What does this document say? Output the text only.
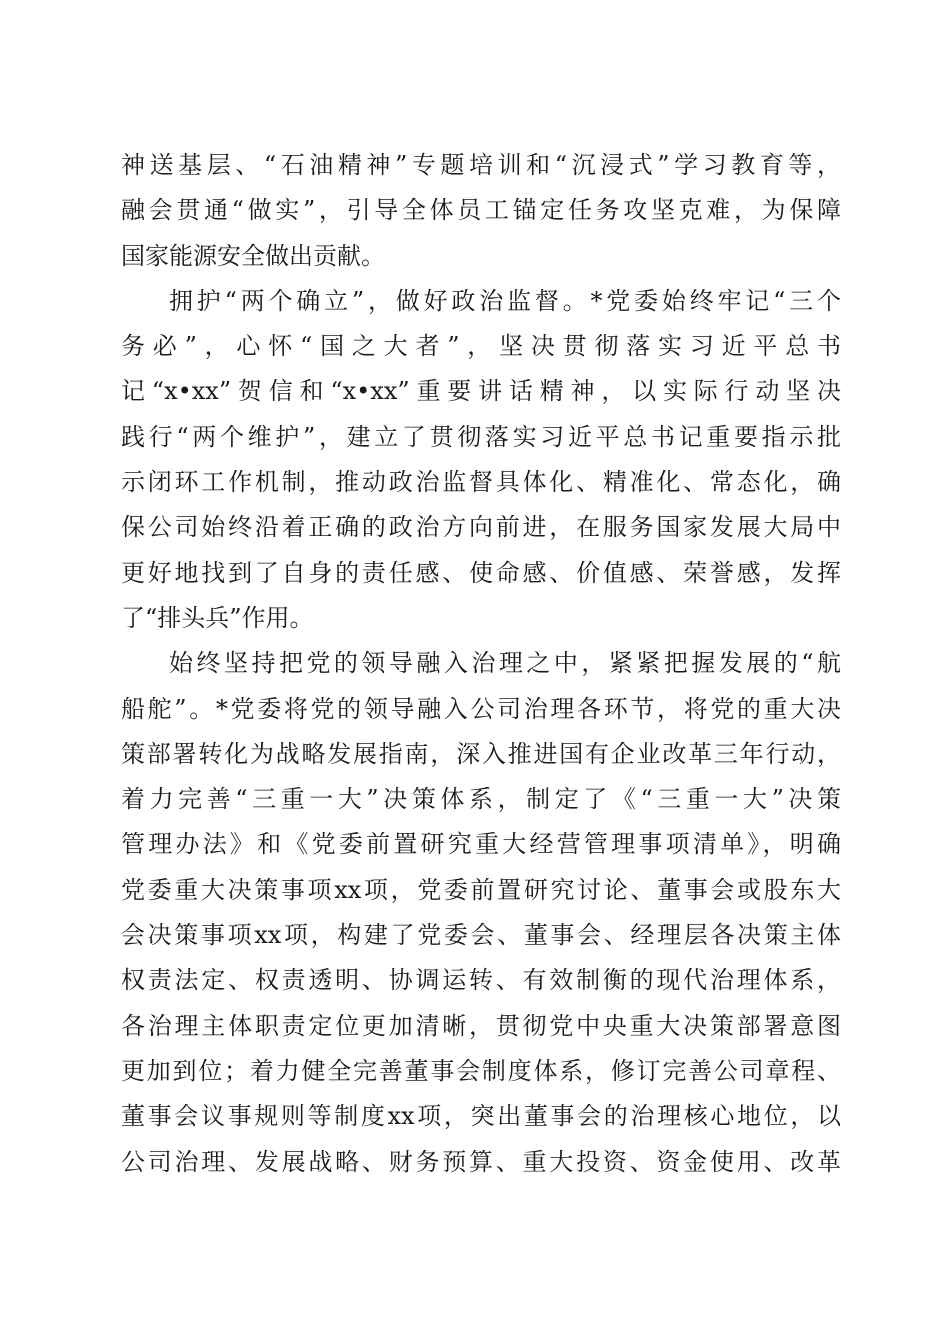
神送基层、“石油精神”专题培训和“沉浸式”学习教育等，
融会贯通“做实”，引导全体员工锚定任务攻坚克难，为保障
国家能源安全做出贡献。
拥护“两个确立”，做好政治监督。*党委始终牢记“三个
务必”，心怀“国之大者”，坚决贯彻落实习近平总书
记“x•xx”贺信和“x•xx”重要讲话精神，以实际行动坚决
践行“两个维护”，建立了贯彻落实习近平总书记重要指示批
示闭环工作机制，推动政治监督具体化、精准化、常态化，确
保公司始终沿着正确的政治方向前进，在服务国家发展大局中
更好地找到了自身的责任感、使命感、价值感、荣誉感，发挥
了“排头兵”作用。
始终坚持把党的领导融入治理之中，紧紧把握发展的“航
船舵”。*党委将党的领导融入公司治理各环节，将党的重大决
策部署转化为战略发展指南，深入推进国有企业改革三年行动，
着力完善“三重一大”决策体系，制定了《“三重一大”决策
管理办法》和《党委前置研究重大经营管理事项清单》，明确
党委重大决策事项xx项，党委前置研究讨论、董事会或股东大
会决策事项xx项，构建了党委会、董事会、经理层各决策主体
权责法定、权责透明、协调运转、有效制衡的现代治理体系，
各治理主体职责定位更加清晰，贯彻党中央重大决策部署意图
更加到位；着力健全完善董事会制度体系，修订完善公司章程、
董事会议事规则等制度xx项，突出董事会的治理核心地位，以
公司治理、发展战略、财务预算、重大投资、资金使用、改革
